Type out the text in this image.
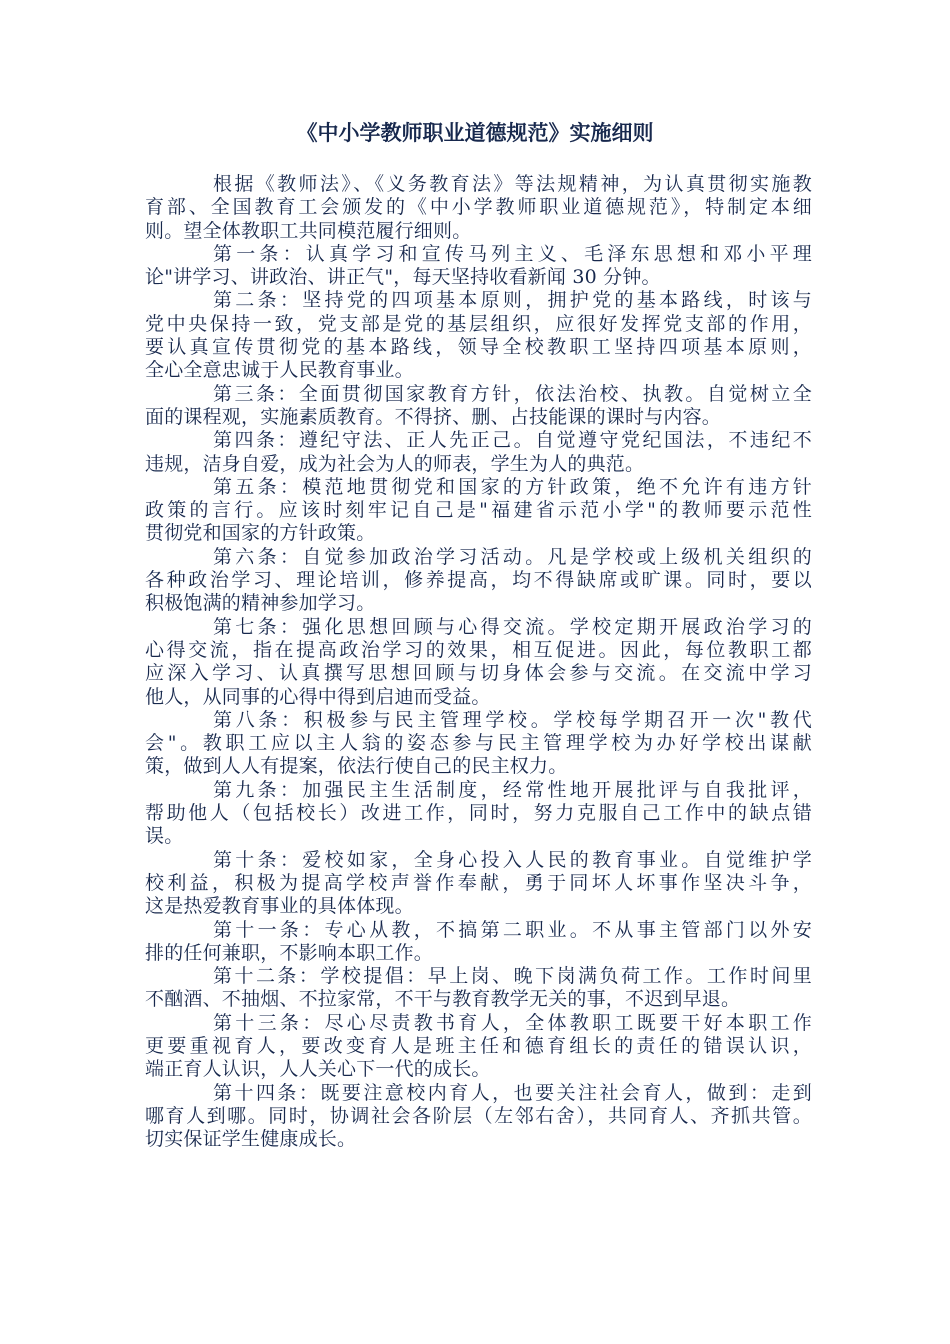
《中小学教师职业道德规范》实施细则
根据《教师法》、《义务教育法》等法规精神，为认真贯彻实施教
育部、全国教育工会颁发的《中小学教师职业道德规范》，特制定本细
则。望全体教职工共同模范履行细则。
第一条：认真学习和宣传马列主义、毛泽东思想和邓小平理
论"讲学习、讲政治、讲正气"，每天坚持收看新闻 30 分钟。
第二条：坚持党的四项基本原则，拥护党的基本路线，时该与
党中央保持一致，党支部是党的基层组织，应很好发挥党支部的作用，
要认真宣传贯彻党的基本路线，领导全校教职工坚持四项基本原则，
全心全意忠诚于人民教育事业。
第三条：全面贯彻国家教育方针，依法治校、执教。自觉树立全
面的课程观，实施素质教育。不得挤、删、占技能课的课时与内容。
第四条：遵纪守法、正人先正己。自觉遵守党纪国法，不违纪不
违规，洁身自爱，成为社会为人的师表，学生为人的典范。
第五条：模范地贯彻党和国家的方针政策，绝不允许有违方针
政策的言行。应该时刻牢记自己是"福建省示范小学"的教师要示范性
贯彻党和国家的方针政策。
第六条：自觉参加政治学习活动。凡是学校或上级机关组织的
各种政治学习、理论培训，修养提高，均不得缺席或旷课。同时，要以
积极饱满的精神参加学习。
第七条：强化思想回顾与心得交流。学校定期开展政治学习的
心得交流，指在提高政治学习的效果，相互促进。因此，每位教职工都
应深入学习、认真撰写思想回顾与切身体会参与交流。在交流中学习
他人，从同事的心得中得到启迪而受益。
第八条：积极参与民主管理学校。学校每学期召开一次"教代
会"。教职工应以主人翁的姿态参与民主管理学校为办好学校出谋献
策，做到人人有提案，依法行使自己的民主权力。
第九条：加强民主生活制度，经常性地开展批评与自我批评，
帮助他人（包括校长）改进工作，同时，努力克服自己工作中的缺点错
误。
第十条：爱校如家，全身心投入人民的教育事业。自觉维护学
校利益，积极为提高学校声誉作奉献，勇于同坏人坏事作坚决斗争，
这是热爱教育事业的具体体现。
第十一条：专心从教，不搞第二职业。不从事主管部门以外安
排的任何兼职，不影响本职工作。
第十二条：学校提倡：早上岗、晚下岗满负荷工作。工作时间里
不酗酒、不抽烟、不拉家常，不干与教育教学无关的事，不迟到早退。
第十三条：尽心尽责教书育人，全体教职工既要干好本职工作
更要重视育人，要改变育人是班主任和德育组长的责任的错误认识，
端正育人认识，人人关心下一代的成长。
第十四条：既要注意校内育人，也要关注社会育人，做到：走到
哪育人到哪。同时，协调社会各阶层（左邻右舍），共同育人、齐抓共管。
切实保证学生健康成长。
